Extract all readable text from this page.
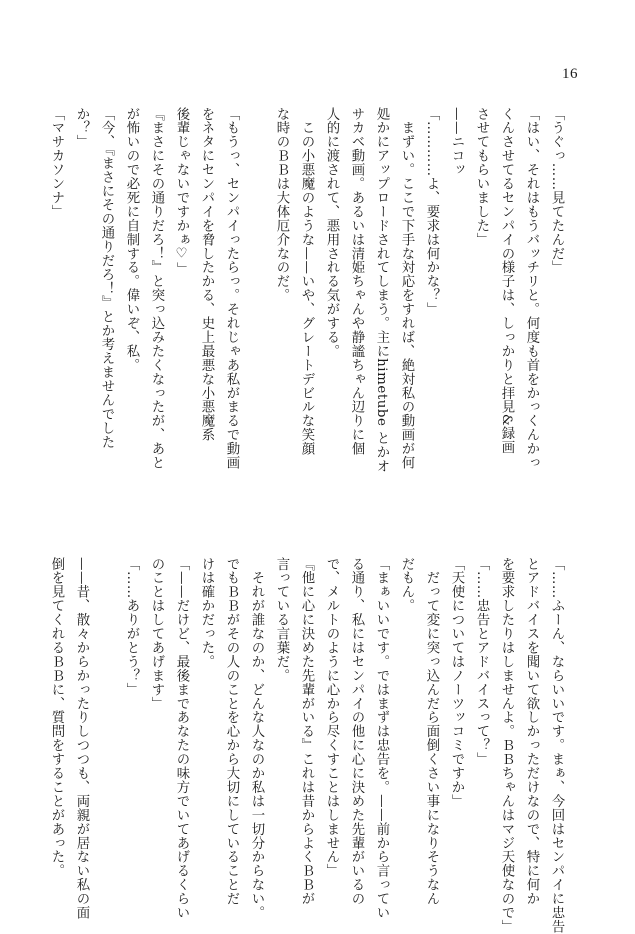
16
「うぐっ……見てたんだ」
「はい、それはもうバッチリと。何度も首をかっくんかっ
くんさせてるセンパイの様子は、しっかりと拝見&録画
させてもらいました」
——ニコッ
「…………よ、要求は何かな？」
　まずい。ここで下手な対応をすれば、絶対私の動画が何
処かにアップロードされてしまう。主にhimetube とかオ
サカベ動画。あるいは清姫ちゃんや静謐ちゃん辺りに個
人的に渡されて、悪用される気がする。
　この小悪魔のような——いや、グレートデビルな笑顔
な時のＢＢは大体厄介なのだ。

「もうっ、センパイったらっ。それじゃあ私がまるで動画
をネタにセンパイを脅したかる、史上最悪な小悪魔系
後輩じゃないですかぁ♡」
『まさにその通りだろ！』と突っ込みたくなったが、あと
が怖いので必死に自制する。偉いぞ、私。
「今、『まさにその通りだろ！』とか考えませんでした
か？」
「マサカソンナ」
「……ふーん、ならいいです。まぁ、今回はセンパイに忠告
とアドバイスを聞いて欲しかっただけなので、特に何か
を要求したりはしませんよ。ＢＢちゃんはマジ天使なので」
「……忠告とアドバイスって？」
「天使についてはノーツッコミですか」
　だって変に突っ込んだら面倒くさい事になりそうなん
だもん。
「まぁいいです。ではまずは忠告を。——前から言ってい
る通り、私にはセンパイの他に心に決めた先輩がいるの
で、メルトのように心から尽くすことはしません」
『他に心に決めた先輩がいる』これは昔からよくＢＢが
言っている言葉だ。
　それが誰なのか、どんな人なのか私は一切分からない。
でもＢＢがその人のことを心から大切にしていることだ
けは確かだった。
「——だけど、最後まであなたの味方でいてあげるくらい
のことはしてあげます」
「……ありがとう？」

——昔、散々からかったりしつつも、両親が居ない私の面
倒を見てくれるＢＢに、質問をすることがあった。
